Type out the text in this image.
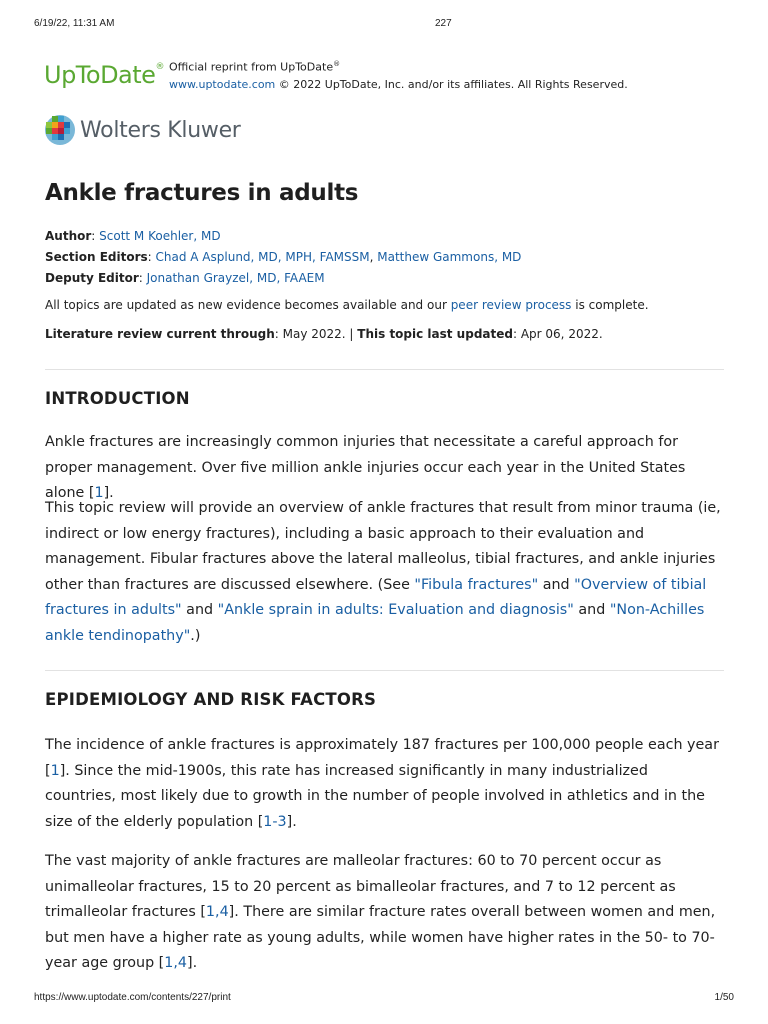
6/19/22, 11:31 AM	227
UpToDate® Official reprint from UpToDate®
www.uptodate.com © 2022 UpToDate, Inc. and/or its affiliates. All Rights Reserved.
Wolters Kluwer
Ankle fractures in adults
Author: Scott M Koehler, MD
Section Editors: Chad A Asplund, MD, MPH, FAMSSM, Matthew Gammons, MD
Deputy Editor: Jonathan Grayzel, MD, FAAEM
All topics are updated as new evidence becomes available and our peer review process is complete.
Literature review current through: May 2022. | This topic last updated: Apr 06, 2022.
INTRODUCTION

Ankle fractures are increasingly common injuries that necessitate a careful approach for proper management. Over five million ankle injuries occur each year in the United States alone [1].

This topic review will provide an overview of ankle fractures that result from minor trauma (ie, indirect or low energy fractures), including a basic approach to their evaluation and management. Fibular fractures above the lateral malleolus, tibial fractures, and ankle injuries other than fractures are discussed elsewhere. (See "Fibula fractures" and "Overview of tibial fractures in adults" and "Ankle sprain in adults: Evaluation and diagnosis" and "Non-Achilles ankle tendinopathy".)

EPIDEMIOLOGY AND RISK FACTORS

The incidence of ankle fractures is approximately 187 fractures per 100,000 people each year [1]. Since the mid-1900s, this rate has increased significantly in many industrialized countries, most likely due to growth in the number of people involved in athletics and in the size of the elderly population [1-3].

The vast majority of ankle fractures are malleolar fractures: 60 to 70 percent occur as unimalleolar fractures, 15 to 20 percent as bimalleolar fractures, and 7 to 12 percent as trimalleolar fractures [1,4]. There are similar fracture rates overall between women and men, but men have a higher rate as young adults, while women have higher rates in the 50- to 70-year age group [1,4].

https://www.uptodate.com/contents/227/print	1/50
